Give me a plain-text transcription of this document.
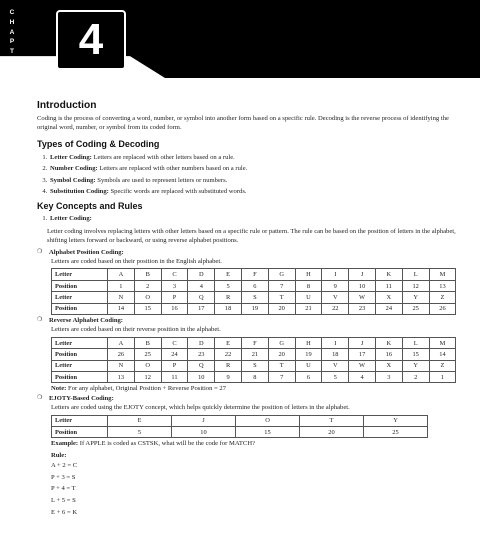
C
H
A
P
T
E
R
4	CODING DECODING
Introduction

Coding is the process of converting a word, number, or symbol into another form based on a specific rule. Decoding is the reverse process of identifying the original word, number, or symbol from its coded form.

Types of Coding & Decoding
1. Letter Coding: Letters are replaced with other letters based on a rule.
2. Number Coding: Letters are replaced with other numbers based on a rule.
3. Symbol Coding: Symbols are used to represent letters or numbers.
4. Substitution Coding: Specific words are replaced with substituted words.
Key Concepts and Rules
1. Letter Coding:

Letter coding involves replacing letters with other letters based on a specific rule or pattern. The rule can be based on the position of letters in the alphabet, shifting letters forward or backward, or using reverse alphabet positions.

❍ Alphabet Position Coding:
Letters are coded based on their position in the English alphabet.
Letter	A	B	C	D	E	F	G	H	I	J	K	L	M
Position	1	2	3	4	5	6	7	8	9	10	11	12	13
Letter	N	O	P	Q	R	S	T	U	V	W	X	Y	Z
Position	14	15	16	17	18	19	20	21	22	23	24	25	26
❍ Reverse Alphabet Coding:
Letters are coded based on their reverse position in the alphabet.
Letter	A	B	C	D	E	F	G	H	I	J	K	L	M
Position	26	25	24	23	22	21	20	19	18	17	16	15	14
Letter	N	O	P	Q	R	S	T	U	V	W	X	Y	Z
Position	13	12	11	10	9	8	7	6	5	4	3	2	1
Note: For any alphabet, Original Position + Reverse Position = 27
❍ EJOTY-Based Coding:
Letters are coded using the EJOTY concept, which helps quickly determine the position of letters in the alphabet.
Letter	E	J	O	T	Y
Position	5	10	15	20	25
Example: If APPLE is coded as CSTSK, what will be the code for MATCH?
Rule:
A + 2 = C
P + 3 = S
P + 4 = T
L + 5 = S
E + 6 = K
